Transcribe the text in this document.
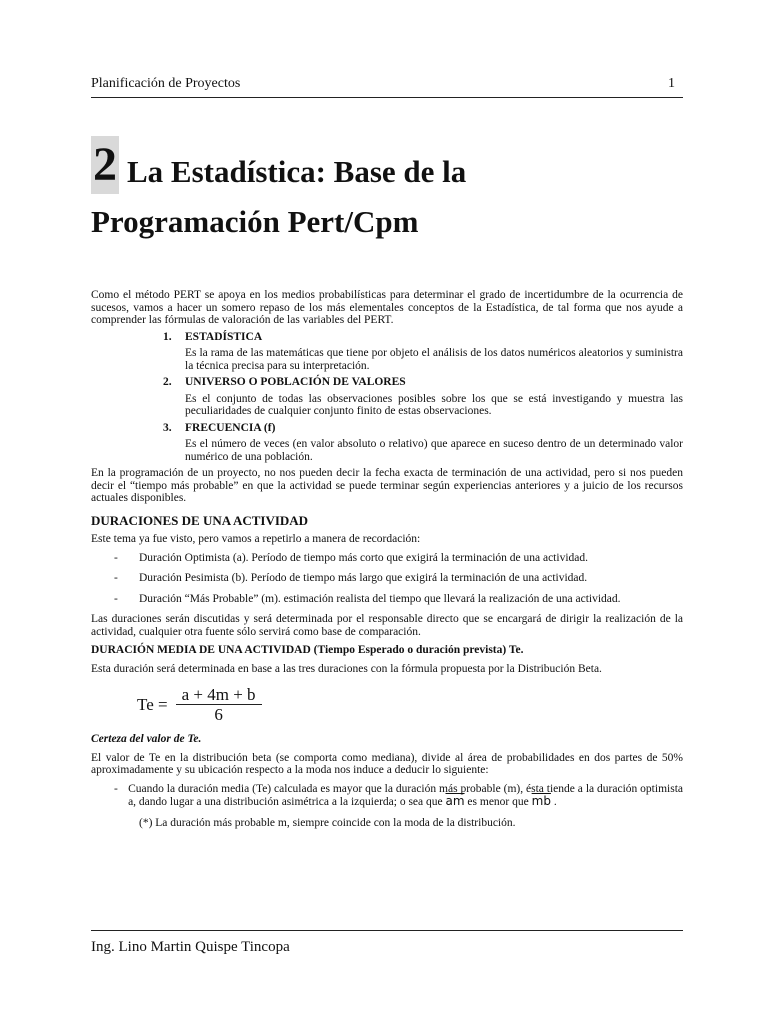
Planificación de Proyectos	1
2 La Estadística: Base de la
Programación Pert/Cpm

Como el método PERT se apoya en los medios probabilísticas para determinar el grado de incertidumbre de la ocurrencia de sucesos, vamos a hacer un somero repaso de los más elementales conceptos de la Estadística, de tal forma que nos ayude a comprender las fórmulas de valoración de las variables del PERT.

1.	ESTADÍSTICA

Es la rama de las matemáticas que tiene por objeto el análisis de los datos numéricos aleatorios y suministra la técnica precisa para su interpretación.

2.	UNIVERSO O POBLACIÓN DE VALORES

Es el conjunto de todas las observaciones posibles sobre los que se está investigando y muestra las peculiaridades de cualquier conjunto finito de estas observaciones.

3.	FRECUENCIA (f)

Es el número de veces (en valor absoluto o relativo) que aparece en suceso dentro de un determinado valor numérico de una población.

En la programación de un proyecto, no nos pueden decir la fecha exacta de terminación de una actividad, pero si nos pueden decir el “tiempo más probable” en que la actividad se puede terminar según experiencias anteriores y a juicio de los recursos actuales disponibles.

DURACIONES DE UNA ACTIVIDAD

Este tema ya fue visto, pero vamos a repetirlo a manera de recordación:

-	Duración Optimista (a). Período de tiempo más corto que exigirá la terminación de una actividad.
-	Duración Pesimista (b). Período de tiempo más largo que exigirá la terminación de una actividad.
-	Duración “Más Probable” (m). estimación realista del tiempo que llevará la realización de una actividad.

Las duraciones serán discutidas y será determinada por el responsable directo que se encargará de dirigir la realización de la actividad, cualquier otra fuente sólo servirá como base de comparación.

DURACIÓN MEDIA DE UNA ACTIVIDAD (Tiempo Esperado o duración prevista) Te.

Esta duración será determinada en base a las tres duraciones con la fórmula propuesta por la Distribución Beta.

$Te = \frac{a + 4m + b}{6}$
Certeza del valor de Te.

El valor de Te en la distribución beta (se comporta como mediana), divide al área de probabilidades en dos partes de 50% aproximadamente y su ubicación respecto a la moda nos induce a deducir lo siguiente:

- Cuando la duración media (Te) calculada es mayor que la duración más probable (m), ésta tiende a la duración optimista a, dando lugar a una distribución asimétrica a la izquierda; o sea que $\overline{am}$ es menor que $\overline{mb}$ .

(*) La duración más probable m, siempre coincide con la moda de la distribución.

Ing. Lino Martin Quispe Tincopa
